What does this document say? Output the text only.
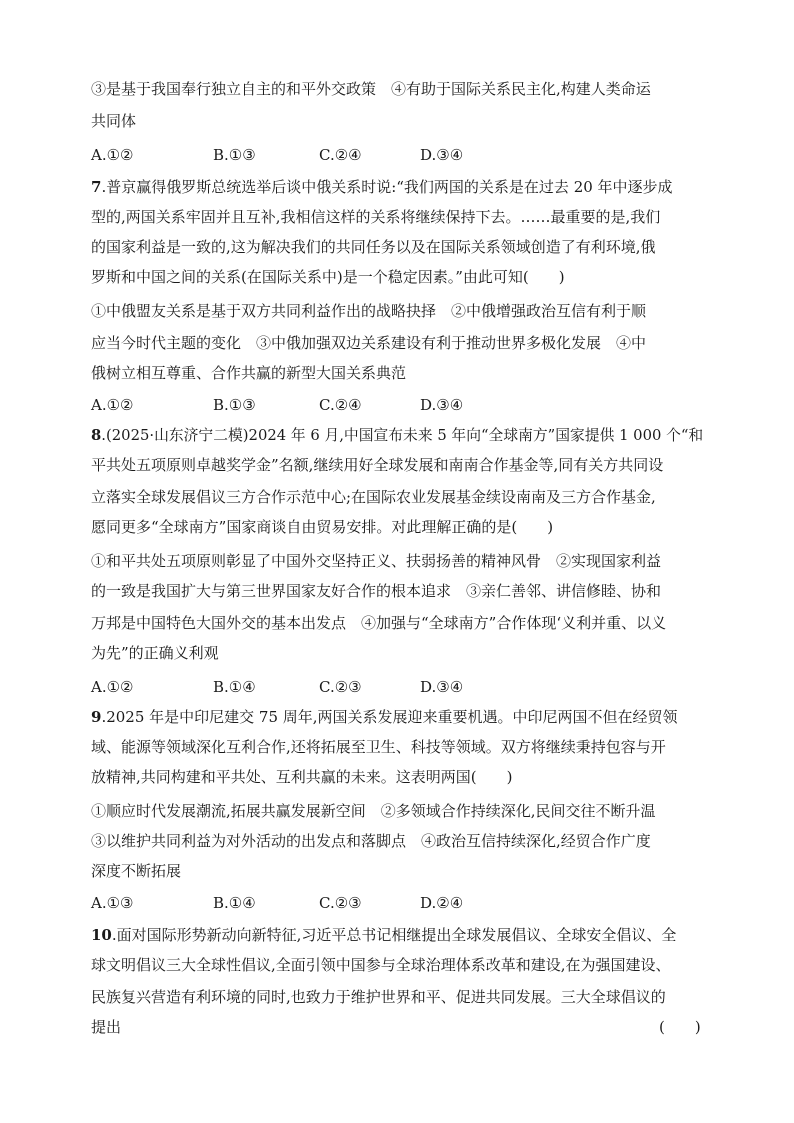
③是基于我国奉行独立自主的和平外交政策　④有助于国际关系民主化,构建人类命运
共同体
A.①②	B.①③	C.②④	D.③④
7.普京赢得俄罗斯总统选举后谈中俄关系时说:“我们两国的关系是在过去 20 年中逐步成
型的,两国关系牢固并且互补,我相信这样的关系将继续保持下去。……最重要的是,我们
的国家利益是一致的,这为解决我们的共同任务以及在国际关系领域创造了有利环境,俄
罗斯和中国之间的关系(在国际关系中)是一个稳定因素。”由此可知(　　)
①中俄盟友关系是基于双方共同利益作出的战略抉择　②中俄增强政治互信有利于顺
应当今时代主题的变化　③中俄加强双边关系建设有利于推动世界多极化发展　④中
俄树立相互尊重、合作共赢的新型大国关系典范
A.①②	B.①③	C.②④	D.③④
8.(2025·山东济宁二模)2024 年 6 月,中国宣布未来 5 年向“全球南方”国家提供 1 000 个“和
平共处五项原则卓越奖学金”名额,继续用好全球发展和南南合作基金等,同有关方共同设
立落实全球发展倡议三方合作示范中心;在国际农业发展基金续设南南及三方合作基金,
愿同更多“全球南方”国家商谈自由贸易安排。对此理解正确的是(　　)
①和平共处五项原则彰显了中国外交坚持正义、扶弱扬善的精神风骨　②实现国家利益
的一致是我国扩大与第三世界国家友好合作的根本追求　③亲仁善邻、讲信修睦、协和
万邦是中国特色大国外交的基本出发点　④加强与“全球南方”合作体现‘义利并重、以义
为先”的正确义利观
A.①②	B.①④	C.②③	D.③④
9.2025 年是中印尼建交 75 周年,两国关系发展迎来重要机遇。中印尼两国不但在经贸领
域、能源等领域深化互利合作,还将拓展至卫生、科技等领域。双方将继续秉持包容与开
放精神,共同构建和平共处、互利共赢的未来。这表明两国(　　)
①顺应时代发展潮流,拓展共赢发展新空间　②多领域合作持续深化,民间交往不断升温
③以维护共同利益为对外活动的出发点和落脚点　④政治互信持续深化,经贸合作广度
深度不断拓展
A.①③	B.①④	C.②③	D.②④
10.面对国际形势新动向新特征,习近平总书记相继提出全球发展倡议、全球安全倡议、全
球文明倡议三大全球性倡议,全面引领中国参与全球治理体系改革和建设,在为强国建设、
民族复兴营造有利环境的同时,也致力于维护世界和平、促进共同发展。三大全球倡议的
提出	(　　)
